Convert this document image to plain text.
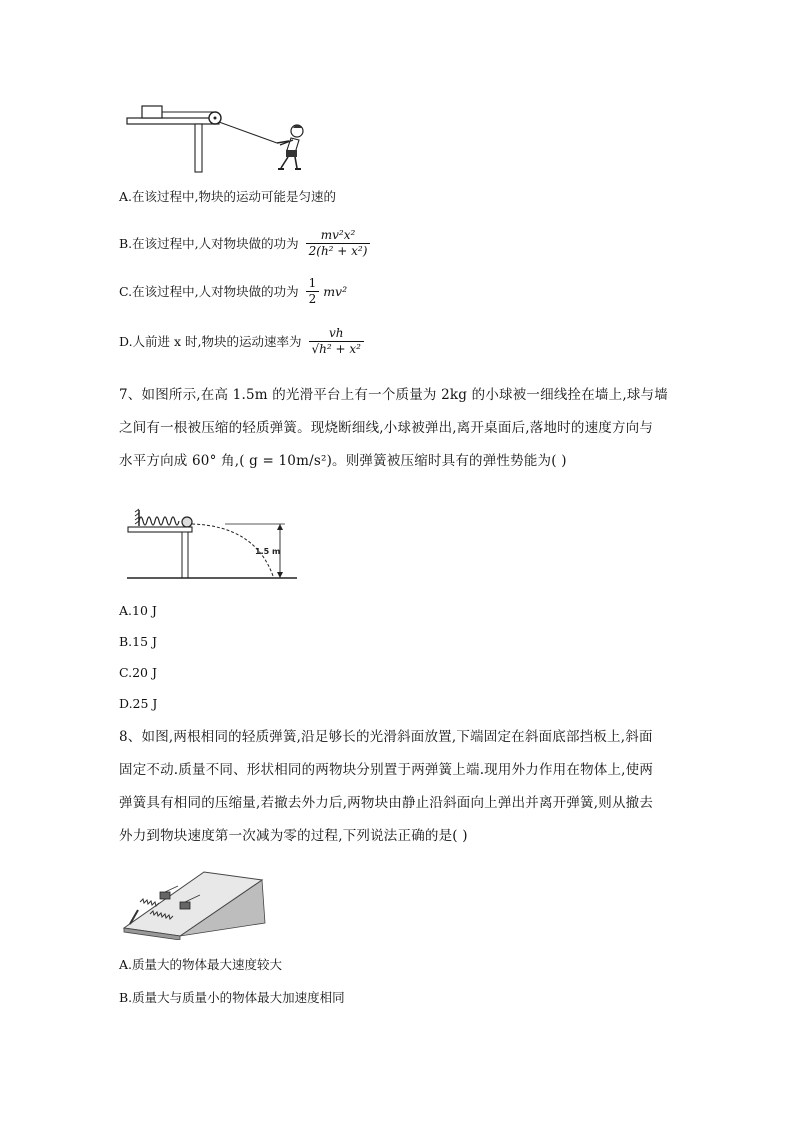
A.在该过程中,物块的运动可能是匀速的
B.在该过程中,人对物块做的功为 $\frac{\text{mv²x²}}{\text{2(h² + x²)}}$
C.在该过程中,人对物块做的功为 $\frac{1}{2} mv^2$
D.人前进 x 时,物块的运动速率为 $\frac{vh}{\text{√h² + x²}}$
7、如图所示,在高 1.5m 的光滑平台上有一个质量为 2kg 的小球被一细线拴在墙上,球与墙
之间有一根被压缩的轻质弹簧。现烧断细线,小球被弹出,离开桌面后,落地时的速度方向与
水平方向成 60° 角,( g = 10m/s²)。则弹簧被压缩时具有的弹性势能为( )
1.5 m
A.10 J
B.15 J
C.20 J
D.25 J
8、如图,两根相同的轻质弹簧,沿足够长的光滑斜面放置,下端固定在斜面底部挡板上,斜面
固定不动.质量不同、形状相同的两物块分别置于两弹簧上端.现用外力作用在物体上,使两
弹簧具有相同的压缩量,若撤去外力后,两物块由静止沿斜面向上弹出并离开弹簧,则从撤去
外力到物块速度第一次减为零的过程,下列说法正确的是( )
A.质量大的物体最大速度较大
B.质量大与质量小的物体最大加速度相同
